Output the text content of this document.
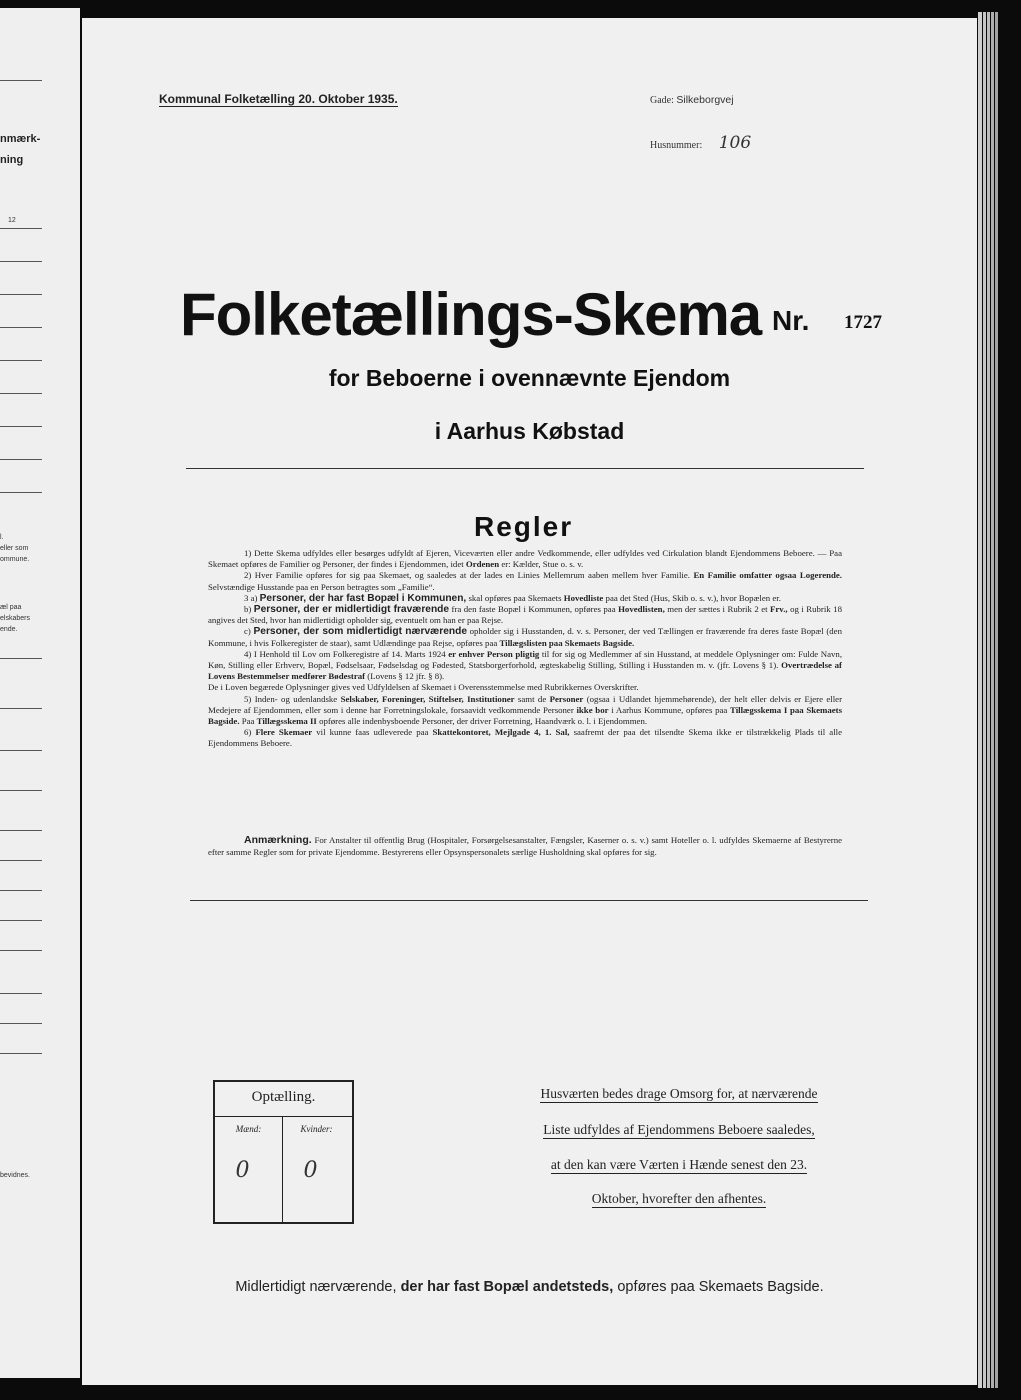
nmærk-
ning
12
l.
eller som
ommune.
æl paa
elskabers
ende.
bevidnes.
Kommunal Folketælling 20. Oktober 1935.	Gade: Silkeborgvej
Husnummer: 106
Folketællings-Skema Nr. 1727
for Beboerne i ovennævnte Ejendom
i Aarhus Købstad
Regler

1) Dette Skema udfyldes eller besørges udfyldt af Ejeren, Viceværten eller andre Vedkommende, eller udfyldes ved Cirkulation blandt Ejendommens Beboere. — Paa Skemaet opføres de Familier og Personer, der findes i Ejendommen, idet Ordenen er: Kælder, Stue o. s. v.

2) Hver Familie opføres for sig paa Skemaet, og saaledes at der lades en Linies Mellemrum aaben mellem hver Familie. En Familie omfatter ogsaa Logerende. Selvstændige Husstande paa en Person betragtes som „Familie“.

3 a) Personer, der har fast Bopæl i Kommunen, skal opføres paa Skemaets Hovedliste paa det Sted (Hus, Skib o. s. v.), hvor Bopælen er.

b) Personer, der er midlertidigt fraværende fra den faste Bopæl i Kommunen, opføres paa Hovedlisten, men der sættes i Rubrik 2 et Frv., og i Rubrik 18 angives det Sted, hvor han midlertidigt opholder sig, eventuelt om han er paa Rejse.

c) Personer, der som midlertidigt nærværende opholder sig i Husstanden, d. v. s. Personer, der ved Tællingen er fraværende fra deres faste Bopæl (den Kommune, i hvis Folkeregister de staar), samt Udlændinge paa Rejse, opføres paa Tillægslisten paa Skemaets Bagside.

4) I Henhold til Lov om Folkeregistre af 14. Marts 1924 er enhver Person pligtig til for sig og Medlemmer af sin Husstand, at meddele Oplysninger om: Fulde Navn, Køn, Stilling eller Erhverv, Bopæl, Fødselsaar, Fødselsdag og Fødested, Statsborgerforhold, ægteskabelig Stilling, Stilling i Husstanden m. v. (jfr. Lovens § 1). Overtrædelse af Lovens Bestemmelser medfører Bødestraf (Lovens § 12 jfr. § 8).
De i Loven begærede Oplysninger gives ved Udfyldelsen af Skemaet i Overensstemmelse med Rubrikkernes Overskrifter.

5) Inden- og udenlandske Selskaber, Foreninger, Stiftelser, Institutioner samt de Personer (ogsaa i Udlandet hjemmehørende), der helt eller delvis er Ejere eller Medejere af Ejendommen, eller som i denne har Forretningslokale, forsaavidt vedkommende Personer ikke bor i Aarhus Kommune, opføres paa Tillægsskema I paa Skemaets Bagside. Paa Tillægsskema II opføres alle indenbysboende Personer, der driver Forretning, Haandværk o. l. i Ejendommen.

6) Flere Skemaer vil kunne faas udleverede paa Skattekontoret, Mejlgade 4, 1. Sal, saafremt der paa det tilsendte Skema ikke er tilstrækkelig Plads til alle Ejendommens Beboere.

Anmærkning. For Anstalter til offentlig Brug (Hospitaler, Forsørgelsesanstalter, Fængsler, Kaserner o. s. v.) samt Hoteller o. l. udfyldes Skemaerne af Bestyrerne efter samme Regler som for private Ejendomme. Bestyrerens eller Opsynspersonalets særlige Husholdning skal opføres for sig.
Optælling.
Mænd:	Kvinder:
0	0
Husværten bedes drage Omsorg for, at nærværende
Liste udfyldes af Ejendommens Beboere saaledes,
at den kan være Værten i Hænde senest den 23.
Oktober, hvorefter den afhentes.
Midlertidigt nærværende, der har fast Bopæl andetsteds, opføres paa Skemaets Bagside.
